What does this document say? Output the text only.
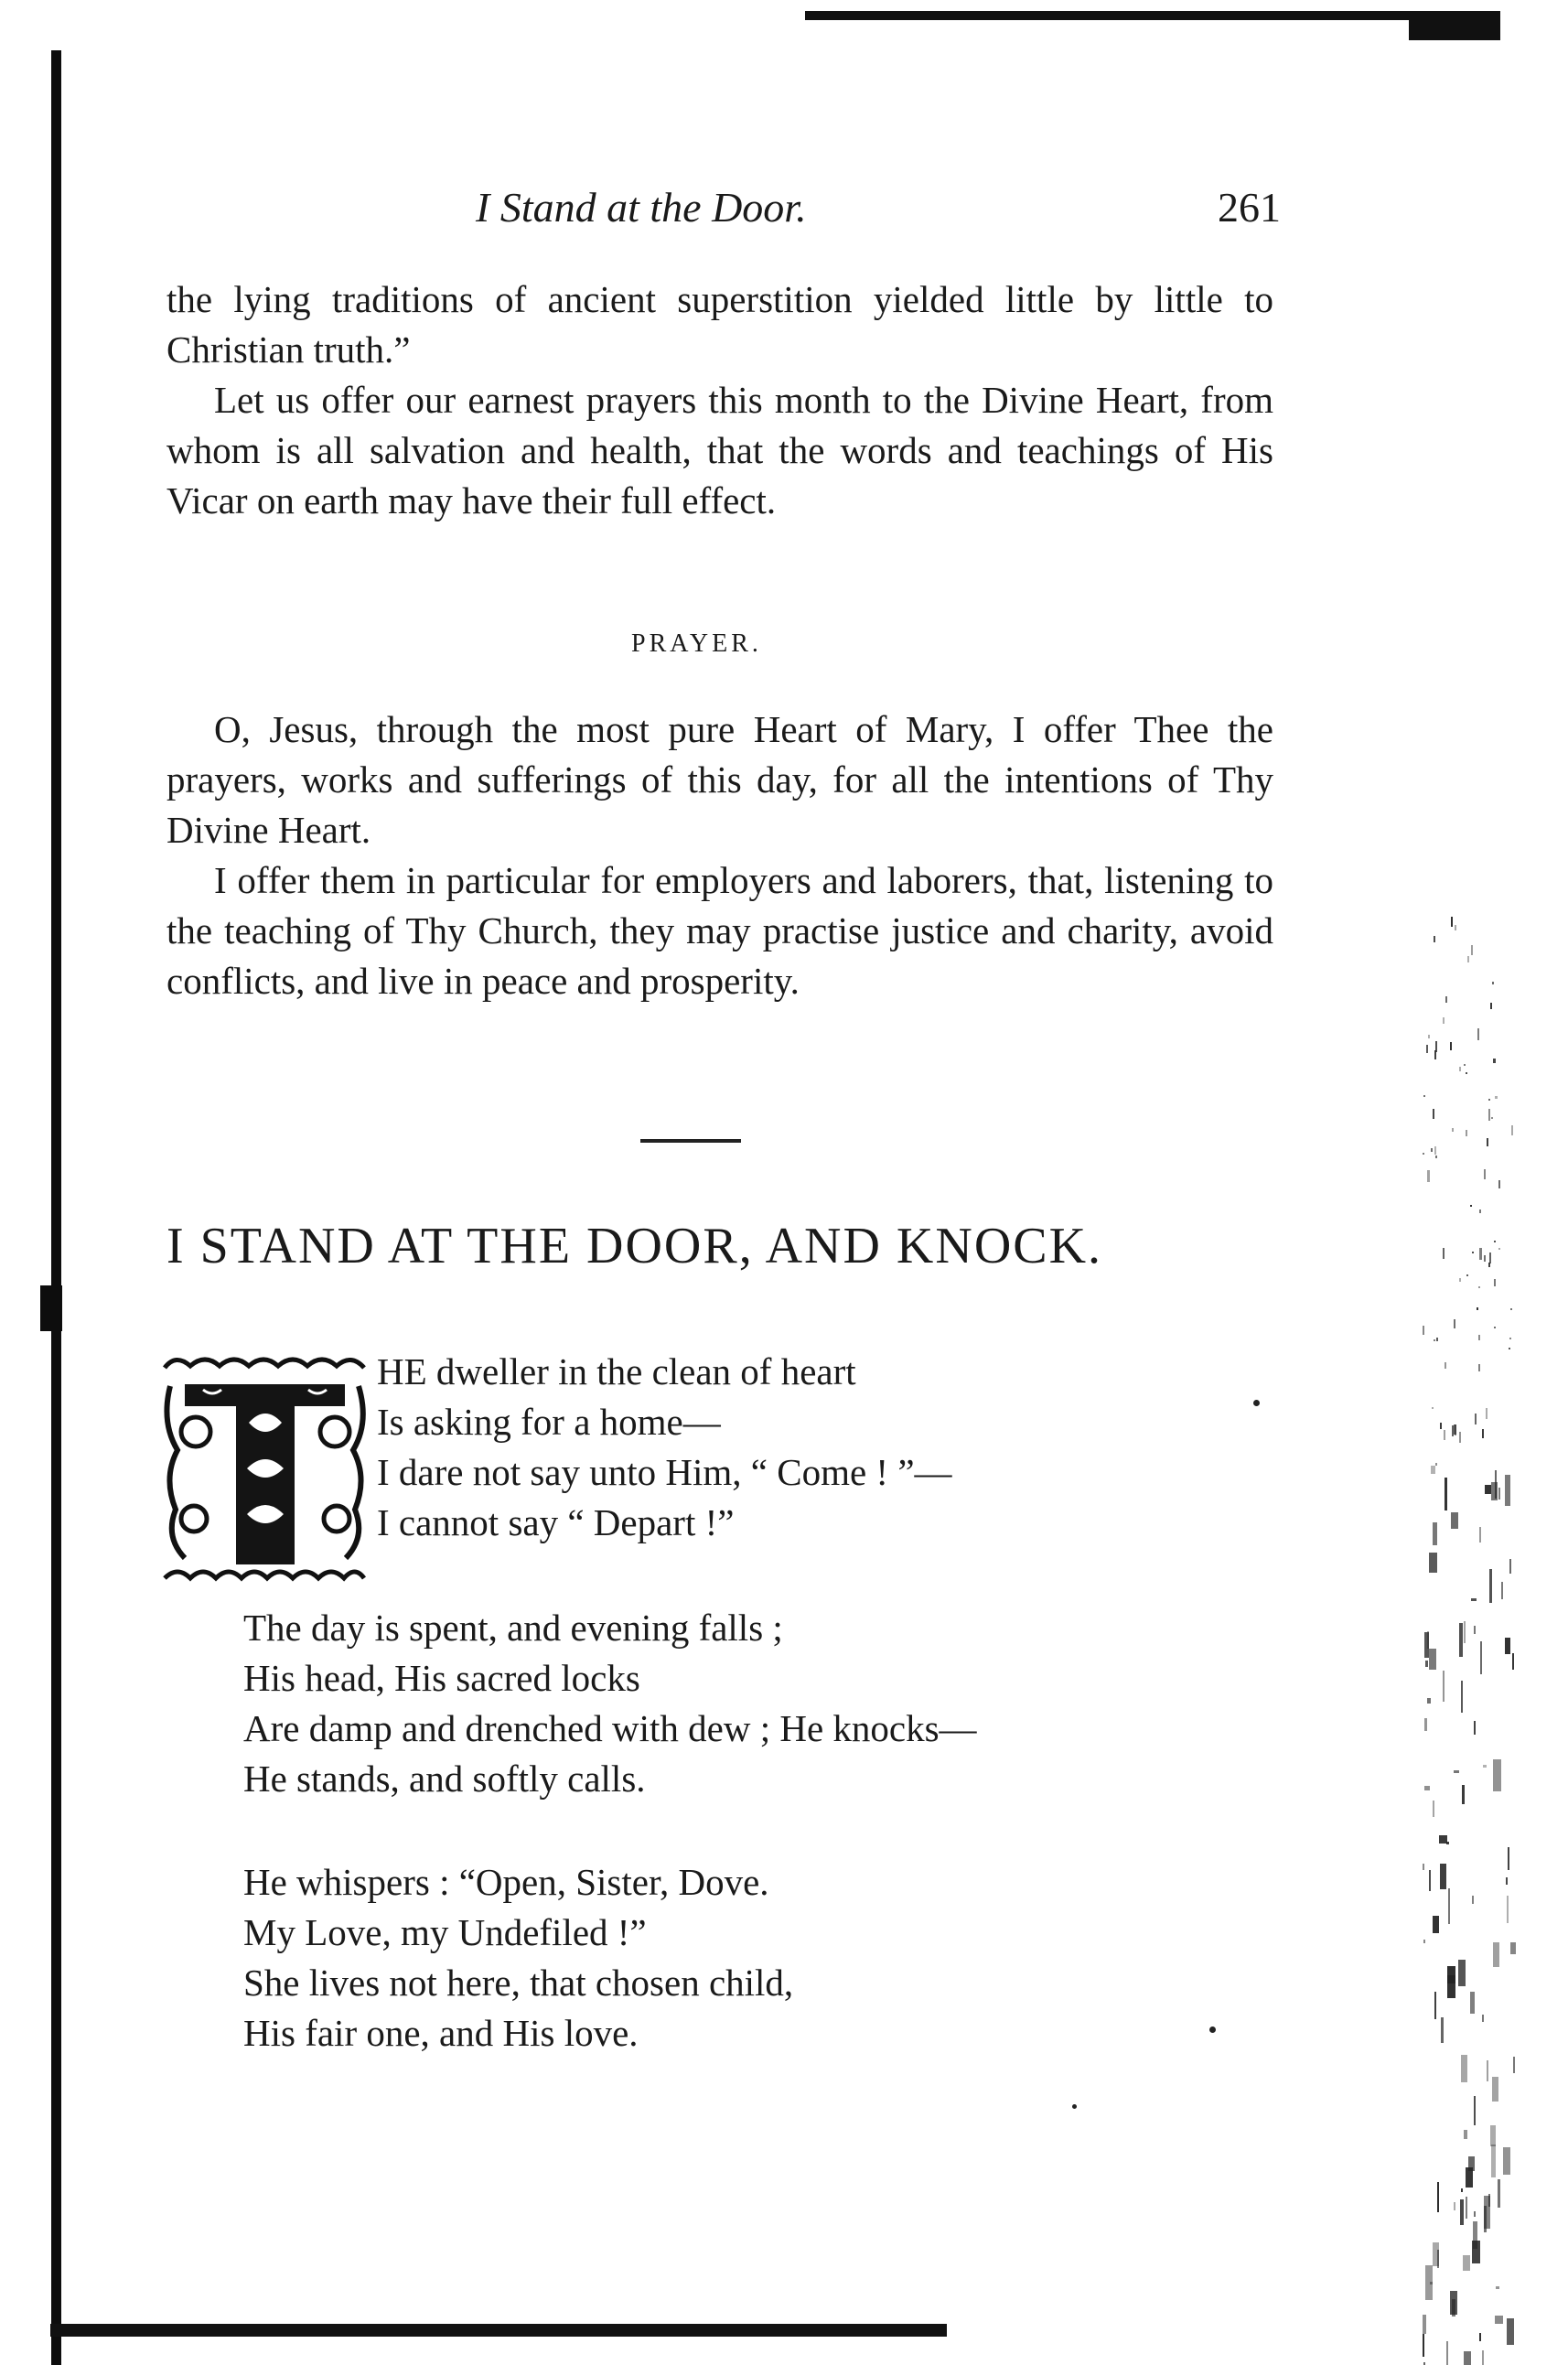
I Stand at the Door.	261

the lying traditions of ancient superstition yielded little by little to Christian truth.”

Let us offer our earnest prayers this month to the Divine Heart, from whom is all salvation and health, that the words and teachings of His Vicar on earth may have their full effect.

PRAYER.

O, Jesus, through the most pure Heart of Mary, I offer Thee the prayers, works and sufferings of this day, for all the intentions of Thy Divine Heart.

I offer them in particular for employers and laborers, that, listening to the teaching of Thy Church, they may practise justice and charity, avoid conflicts, and live in peace and prosperity.

I STAND AT THE DOOR, AND KNOCK.
HE dweller in the clean of heart
Is asking for a home—
I dare not say unto Him, “ Come ! ”—
I cannot say “ Depart !”
The day is spent, and evening falls ;
His head, His sacred locks
Are damp and drenched with dew ; He knocks—
He stands, and softly calls.
He whispers : “Open, Sister, Dove.
My Love, my Undefiled !”
She lives not here, that chosen child,
His fair one, and His love.
